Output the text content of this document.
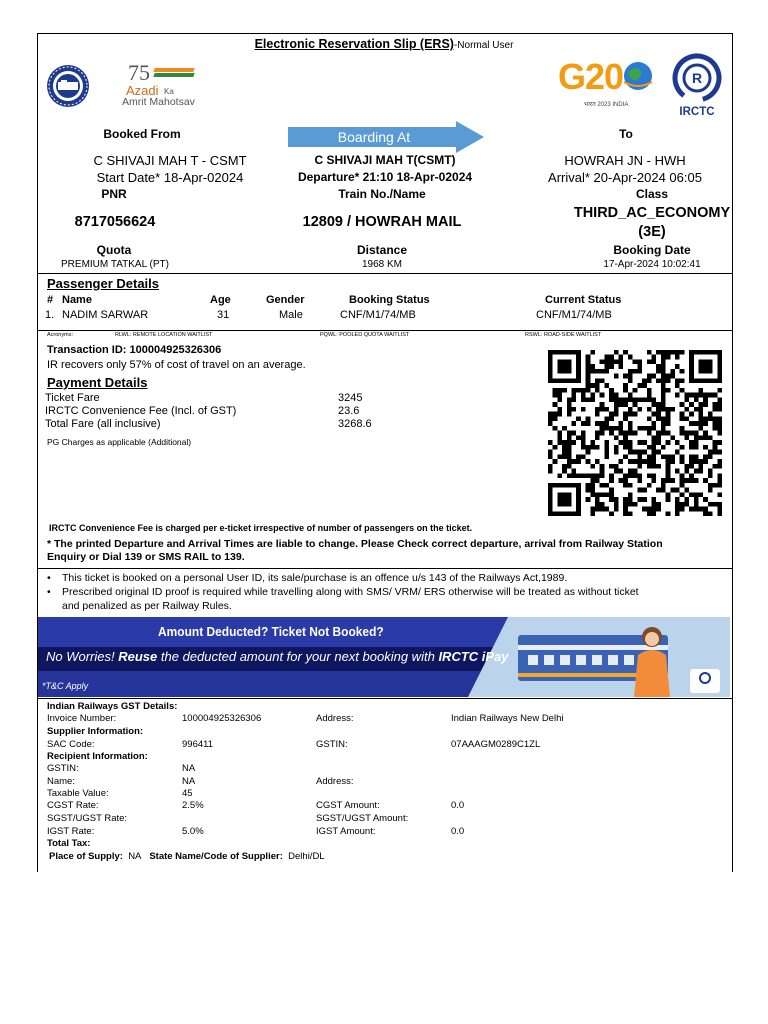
Electronic Reservation Slip (ERS)-Normal User
75
Azadi Ka
Amrit Mahotsav
G20
भारत 2023 INDIA
R
IRCTC
Booked From	Boarding At	To
C SHIVAJI MAH T - CSMT
Start Date* 18-Apr-02024
C SHIVAJI MAH T(CSMT)
Departure* 21:10 18-Apr-02024
HOWRAH JN - HWH
Arrival* 20-Apr-2024 06:05
PNR
8717056624
Train No./Name
12809 / HOWRAH MAIL
Class
THIRD_AC_ECONOMY
(3E)
Quota
PREMIUM TATKAL (PT)
Distance
1968 KM
Booking Date
17-Apr-2024 10:02:41
Passenger Details
# Name	Age	Gender	Booking Status	Current Status
1. NADIM SARWAR	31	Male	CNF/M1/74/MB	CNF/M1/74/MB
Acronyms:	RLWL: REMOTE LOCATION WAITLIST	PQWL: POOLED QUOTA WAITLIST	RSWL: ROAD-SIDE WAITLIST
Transaction ID: 100004925326306
IR recovers only 57% of cost of travel on an average.
Payment Details
Ticket Fare	3245
IRCTC Convenience Fee (Incl. of GST)	23.6
Total Fare (all inclusive)	3268.6
PG Charges as applicable (Additional)
IRCTC Convenience Fee is charged per e-ticket irrespective of number of passengers on the ticket.
* The printed Departure and Arrival Times are liable to change. Please Check correct departure, arrival from Railway Station
Enquiry or Dial 139 or SMS RAIL to 139.
• This ticket is booked on a personal User ID, its sale/purchase is an offence u/s 143 of the Railways Act,1989.
• Prescribed original ID proof is required while travelling along with SMS/ VRM/ ERS otherwise will be treated as without ticket
and penalized as per Railway Rules.
Amount Deducted? Ticket Not Booked?
No Worries! Reuse the deducted amount for your next booking with IRCTC iPay
*T&C Apply
Indian Railways GST Details:
Invoice Number:	100004925326306	Address:	Indian Railways New Delhi
Supplier Information:
SAC Code:	996411	GSTIN:	07AAAGM0289C1ZL
Recipient Information:
GSTIN:	NA
Name:	NA	Address:
Taxable Value:	45
CGST Rate:	2.5%	CGST Amount:	0.0
SGST/UGST Rate:	SGST/UGST Amount:
IGST Rate:	5.0%	IGST Amount:	0.0
Total Tax:
Place of Supply: NA State Name/Code of Supplier: Delhi/DL
